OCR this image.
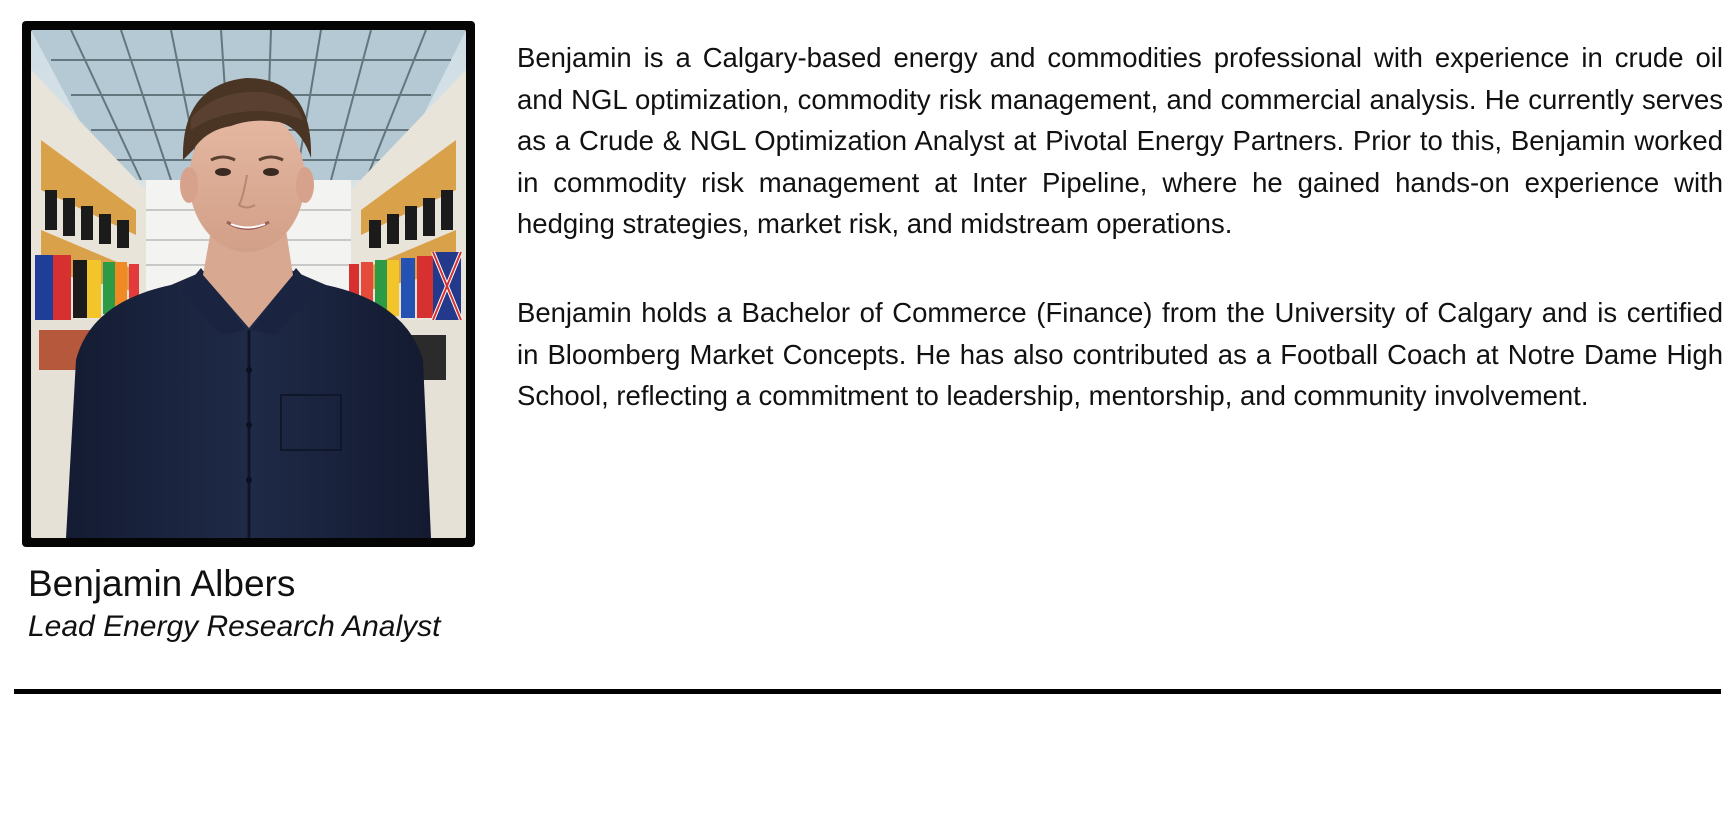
Benjamin Albers
Lead Energy Research Analyst

Benjamin is a Calgary-based energy and commodities professional with experience in crude oil and NGL optimization, commodity risk management, and commercial analysis. He currently serves as a Crude & NGL Optimization Analyst at Pivotal Energy Partners. Prior to this, Benjamin worked in commodity risk management at Inter Pipeline, where he gained hands-on experience with hedging strategies, market risk, and midstream operations.

Benjamin holds a Bachelor of Commerce (Finance) from the University of Calgary and is certified in Bloomberg Market Concepts. He has also contributed as a Football Coach at Notre Dame High School, reflecting a commitment to leadership, mentorship, and community involvement.
